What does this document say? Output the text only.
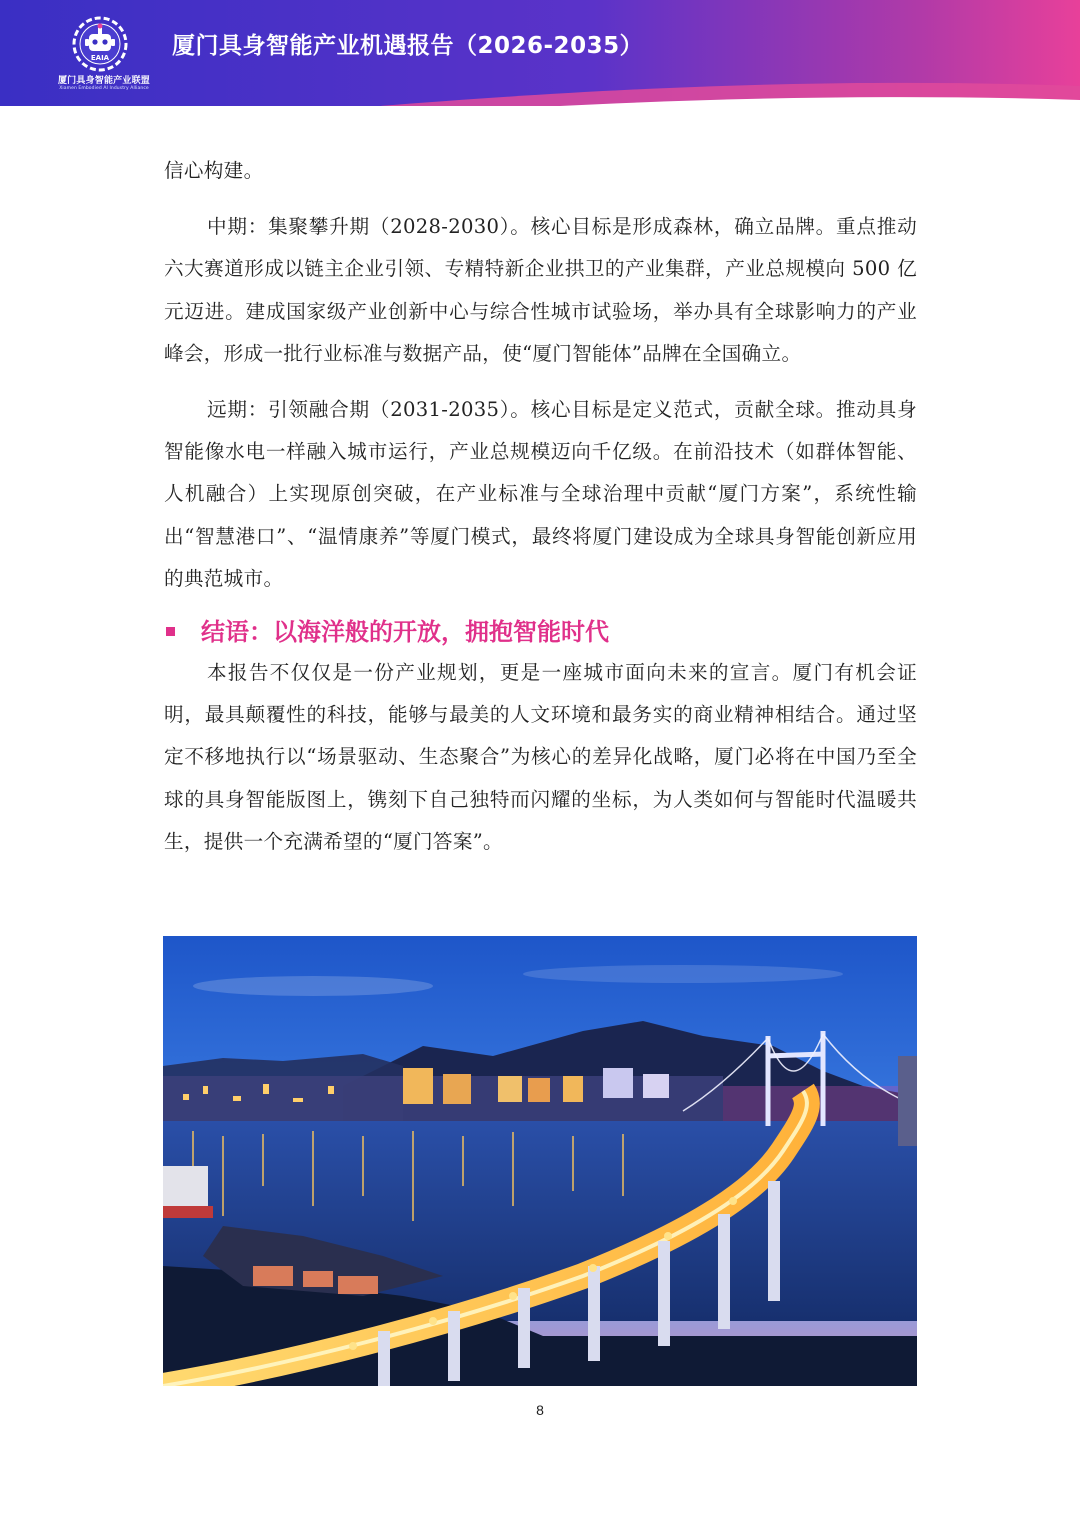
EAIA
厦门具身智能产业联盟
Xiamen Embodied AI Industry Alliance
厦门具身智能产业机遇报告（2026-2035）

信心构建。

中期：集聚攀升期（2028-2030）。核心目标是形成森林，确立品牌。重点推动六大赛道形成以链主企业引领、专精特新企业拱卫的产业集群，产业总规模向 500 亿元迈进。建成国家级产业创新中心与综合性城市试验场，举办具有全球影响力的产业峰会，形成一批行业标准与数据产品，使“厦门智能体”品牌在全国确立。

远期：引领融合期（2031-2035）。核心目标是定义范式，贡献全球。推动具身智能像水电一样融入城市运行，产业总规模迈向千亿级。在前沿技术（如群体智能、人机融合）上实现原创突破，在产业标准与全球治理中贡献“厦门方案”，系统性输出“智慧港口”、“温情康养”等厦门模式，最终将厦门建设成为全球具身智能创新应用的典范城市。

结语：以海洋般的开放，拥抱智能时代

本报告不仅仅是一份产业规划，更是一座城市面向未来的宣言。厦门有机会证明，最具颠覆性的科技，能够与最美的人文环境和最务实的商业精神相结合。通过坚定不移地执行以“场景驱动、生态聚合”为核心的差异化战略，厦门必将在中国乃至全球的具身智能版图上，镌刻下自己独特而闪耀的坐标，为人类如何与智能时代温暖共生，提供一个充满希望的“厦门答案”。

8
